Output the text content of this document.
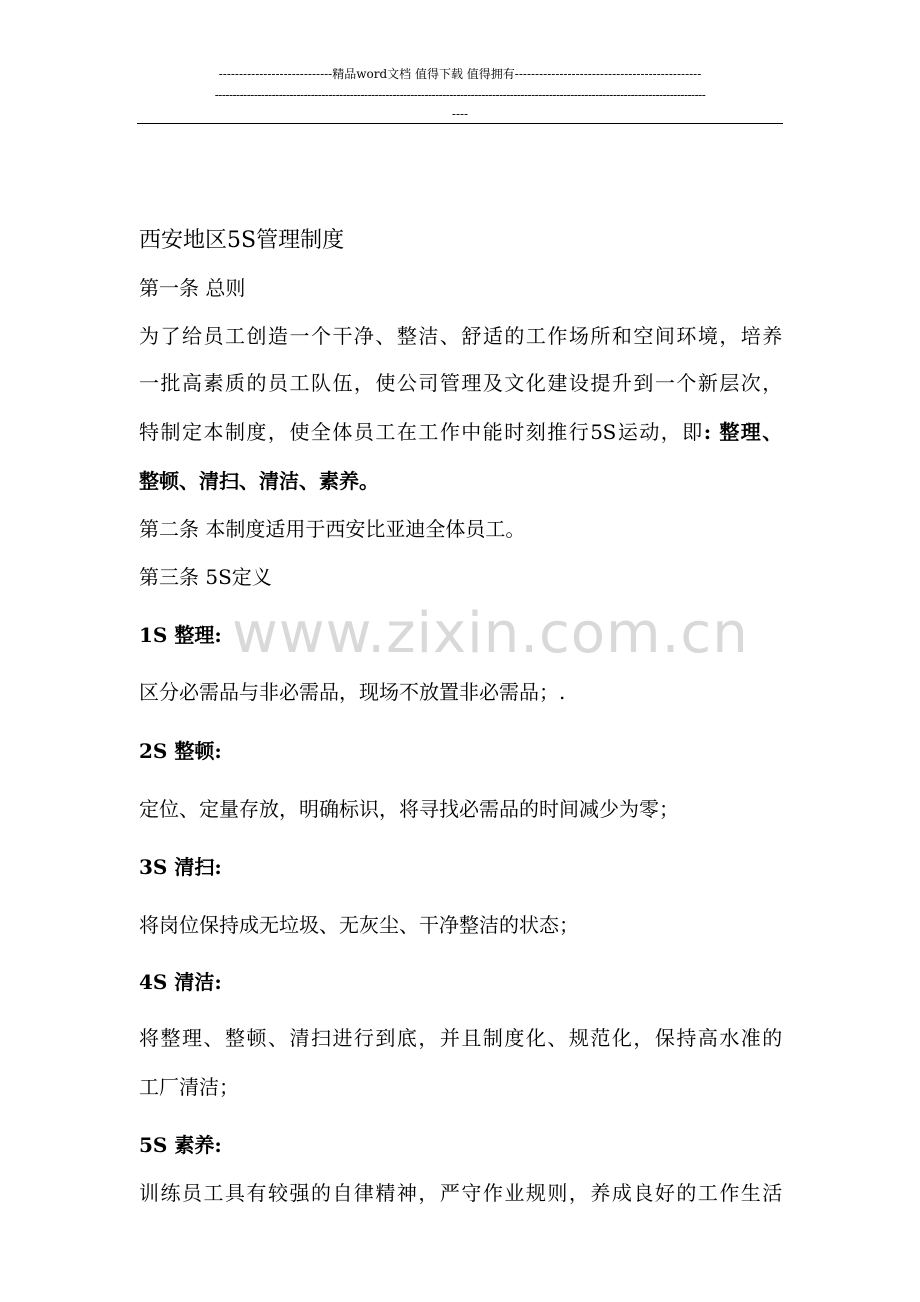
----------------------------精品word文档 值得下载 值得拥有----------------------------------------------
------------------------------------------------------------------------------------------------------------------------------------------
----
www.zixin.com.cn
西安地区5S管理制度
第一条 总则
为了给员工创造一个干净、整洁、舒适的工作场所和空间环境，培养
一批高素质的员工队伍，使公司管理及文化建设提升到一个新层次，
特制定本制度，使全体员工在工作中能时刻推行5S运动，即: 整理、
整顿、清扫、清洁、素养。
第二条 本制度适用于西安比亚迪全体员工。
第三条 5S定义
1S 整理:
区分必需品与非必需品，现场不放置非必需品；.
2S 整顿:
定位、定量存放，明确标识，将寻找必需品的时间减少为零；
3S 清扫:
将岗位保持成无垃圾、无灰尘、干净整洁的状态；
4S 清洁:
将整理、整顿、清扫进行到底，并且制度化、规范化，保持高水准的
工厂清洁；
5S 素养:
训练员工具有较强的自律精神，严守作业规则，养成良好的工作生活
